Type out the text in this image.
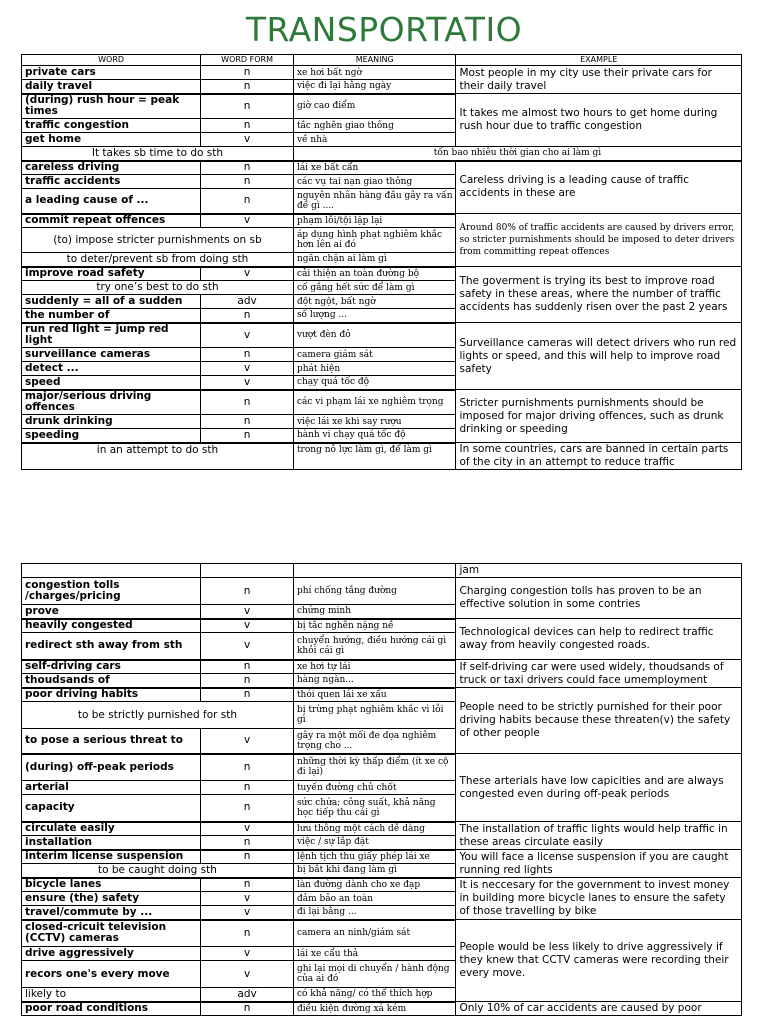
TRANSPORTATIO
WORD	WORD FORM	MEANING	EXAMPLE
private cars	n	xe hơi bất ngờ	Most people in my city use their private cars for their daily travel
daily travel	n	việc đi lại hằng ngày	
(during) rush hour = peak times	n	giờ cao điểm	It takes me almost two hours to get home during rush hour due to traffic congestion
traffic congestion	n	tắc nghẽn giao thông	
get home	v	về nhà	
It takes sb time to do sth		tốn bao nhiêu thời gian cho ai làm gì	
careless driving	n	lái xe bất cẩn	Careless driving is a leading cause of traffic accidents in these are
traffic accidents	n	các vụ tai nạn giao thông	
a leading cause of ...	n	nguyên nhân hàng đầu gây ra vấn đề gì ....	
commit repeat offences	v	phạm lỗi/tội lặp lại	Around 80% of traffic accidents are caused by drivers error, so stricter purnishments should be imposed to deter drivers from committing repeat offences
(to) impose stricter purnishments on sb		áp dụng hình phạt nghiêm khắc hơn lên ai đó	
to deter/prevent sb from doing sth		ngăn chặn ai làm gì	
improve road safety	v	cải thiện an toàn đường bộ	The goverment is trying its best to improve road safety in these areas, where the number of traffic accidents has suddenly risen over the past 2 years
try one’s best to do sth		cố gắng hết sức để làm gì	
suddenly = all of a sudden	adv	đột ngột, bất ngờ	
the number of	n	số lượng ...	
run red light = jump red light	v	vượt đèn đỏ	Surveillance cameras will detect drivers who run red lights or speed, and this will help to improve road safety
surveillance cameras	n	camera giám sát	
detect ...	v	phát hiện	
speed	v	chạy quá tốc độ	
major/serious driving offences	n	các vi phạm lái xe nghiêm trọng	Stricter purnishments purnishments should be imposed for major driving offences, such as drunk drinking or speeding
drunk drinking	n	việc lái xe khi say rượu	
speeding	n	hành vi chạy quá tốc độ	
in an attempt to do sth		trong nỗ lực làm gì, để làm gì	In some countries, cars are banned in certain parts of the city in an attempt to reduce traffic
			jam
congestion tolls /charges/pricing	n	phí chống tắng đường	Charging congestion tolls has proven to be an effective solution in some contries
prove	v	chứng minh	
heavily congested	v	bị tắc nghẽn nặng nề	Technological devices can help to redirect traffic away from heavily congested roads.
redirect sth away from sth	v	chuyển hướng, điều hướng cái gì khỏi cái gì	
self-driving cars	n	xe hơi tự lái	If self-driving car were used widely, thoudsands of truck or taxi drivers could face umemployment
thoudsands of	n	hàng ngàn...	
poor driving habits	n	thói quen lái xe xấu	People need to be strictly purnished for their poor driving habits because these threaten(v) the safety of other people
to be strictly purnished for sth		bị trừng phạt nghiêm khắc vì lỗi gì	
to pose a serious threat to	v	gây ra một mối đe dọa nghiêm trọng cho ...	
(during) off-peak periods	n	những thời kỳ thấp điểm (ít xe cộ đi lại)	These arterials have low capicities and are always congested even during off-peak periods
arterial	n	tuyến đường chủ chốt	
capacity	n	sức chứa; công suất, khả năng học tiếp thu cái gì	
circulate easily	v	lưu thông một cách dễ dàng	The installation of traffic lights would help traffic in these areas circulate easily
installation	n	việc / sự lắp đặt	
interim license suspension	n	lệnh tịch thu giấy phép lái xe	You will face a license suspension if you are caught running red lights
to be caught doing sth		bị bắt khi đang làm gì	
bicycle lanes	n	làn đường dành cho xe đạp	It is neccesary for the government to invest money in building more bicycle lanes to ensure the safety of those travelling by bike
ensure (the) safety	v	đảm bảo an toàn	
travel/commute by ...	v	đi lại bằng ...	
closed-cricuit television (CCTV) cameras	n	camera an ninh/giám sát	People would be less likely to drive aggressively if they knew that CCTV cameras were recording their every move.
drive aggressively	v	lái xe cẩu thả	
recors one's every move	v	ghi lại mọi di chuyển / hành động của ai đó	
likely to	adv	có khả năng/ có thể thích hợp	
poor road conditions	n	điều kiện đường xá kém	Only 10% of car accidents are caused by poor
